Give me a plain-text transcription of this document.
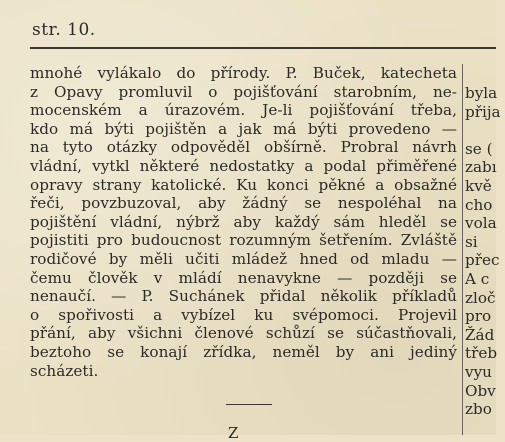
str. 10.
mnohé vylákalo do přírody. P. Buček, katecheta
z Opavy promluvil o pojišťování starobním, ne-
mocenském a úrazovém. Je-li pojišťování třeba,
kdo má býti pojištěn a jak má býti provedeno —
na tyto otázky odpověděl obšírně. Probral návrh
vládní, vytkl některé nedostatky a podal přiměřené
opravy strany katolické. Ku konci pěkné a obsažné
řeči, povzbuzoval, aby žádný se nespoléhal na
pojištění vládní, nýbrž aby každý sám hleděl se
pojistiti pro budoucnost rozumným šetřením. Zvláště
rodičové by měli učiti mládež hned od mladu —
čemu člověk v mládí nenavykne — později se
nenaučí. — P. Suchánek přidal několik příkladů
o spořivosti a vybízel ku svépomoci. Projevil
přání, aby všichni členové schůzí se súčastňovali,
beztoho se konají zřídka, neměl by ani jediný
scházeti.
byla
přija
se (
zabı
kvě
cho
vola
si
přec
A c
zloč
pro
Žád
třeb
vyu
Obv
zbo
Z
